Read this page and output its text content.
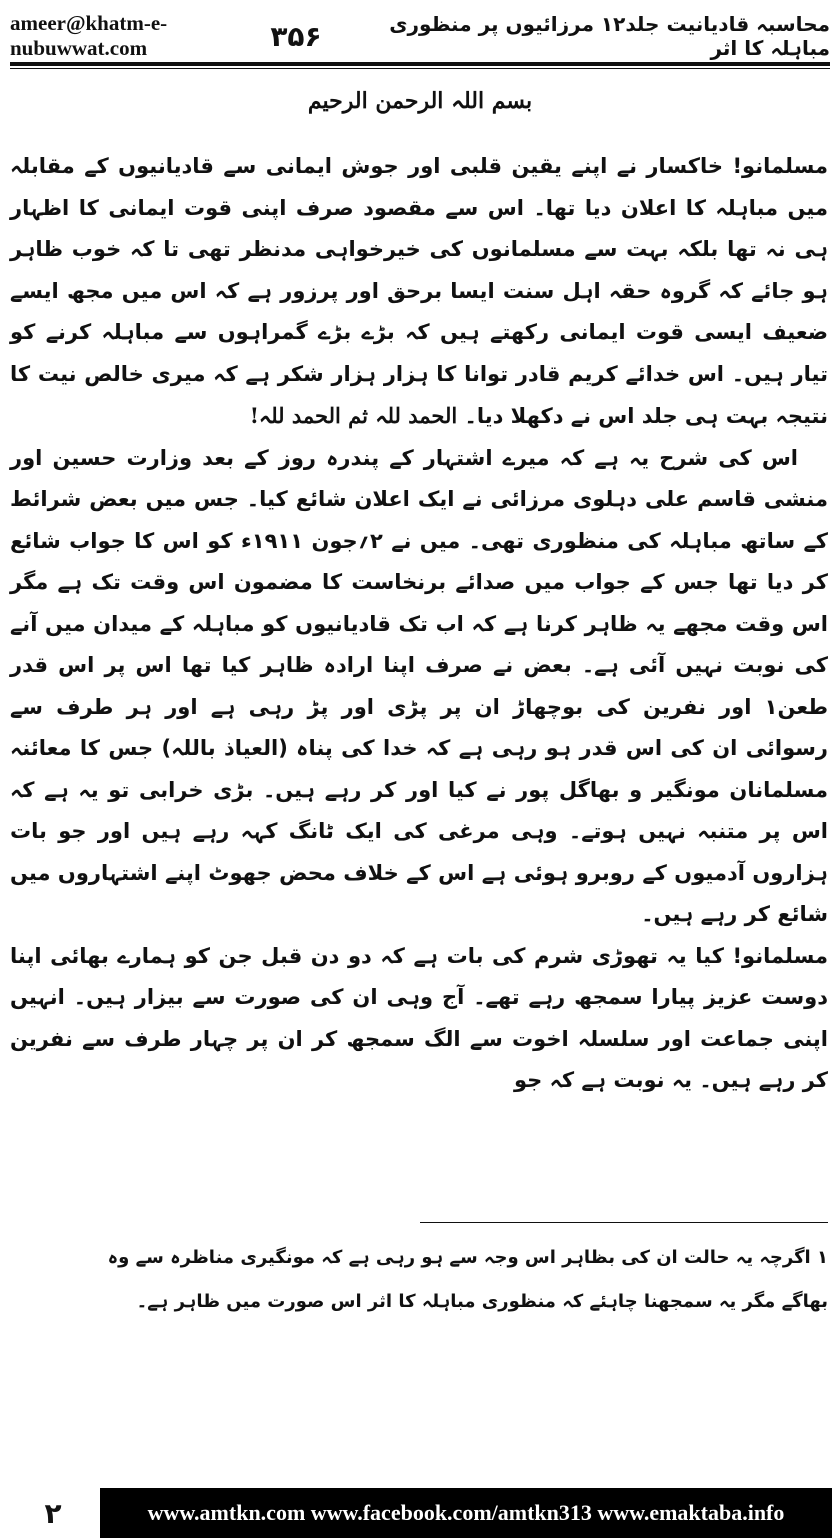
ameer@khatm-e-nubuwwat.com
محاسبہ قادیانیت جلد۱۲ مرزائیوں پر منظوری مباہلہ کا اثر
۳۵۶
بسم اللہ الرحمن الرحیم

مسلمانو! خاکسار نے اپنے یقین قلبی اور جوش ایمانی سے قادیانیوں کے مقابلہ میں مباہلہ کا اعلان دیا تھا۔ اس سے مقصود صرف اپنی قوت ایمانی کا اظہار ہی نہ تھا بلکہ بہت سے مسلمانوں کی خیرخواہی مدنظر تھی تا کہ خوب ظاہر ہو جائے کہ گروہ حقہ اہل سنت ایسا برحق اور پرزور ہے کہ اس میں مجھ ایسے ضعیف ایسی قوت ایمانی رکھتے ہیں کہ بڑے بڑے گمراہوں سے مباہلہ کرنے کو تیار ہیں۔ اس خدائے کریم قادر توانا کا ہزار ہزار شکر ہے کہ میری خالص نیت کا نتیجہ بہت ہی جلد اس نے دکھلا دیا۔ الحمد للہ ثم الحمد للہ!

اس کی شرح یہ ہے کہ میرے اشتہار کے پندرہ روز کے بعد وزارت حسین اور منشی قاسم علی دہلوی مرزائی نے ایک اعلان شائع کیا۔ جس میں بعض شرائط کے ساتھ مباہلہ کی منظوری تھی۔ میں نے ۲؍جون ۱۹۱۱ء کو اس کا جواب شائع کر دیا تھا جس کے جواب میں صدائے برنخاست کا مضمون اس وقت تک ہے مگر اس وقت مجھے یہ ظاہر کرنا ہے کہ اب تک قادیانیوں کو مباہلہ کے میدان میں آنے کی نوبت نہیں آئی ہے۔ بعض نے صرف اپنا ارادہ ظاہر کیا تھا اس پر اس قدر طعن۱ اور نفرین کی بوچھاڑ ان پر پڑی اور پڑ رہی ہے اور ہر طرف سے رسوائی ان کی اس قدر ہو رہی ہے کہ خدا کی پناہ (العیاذ باللہ) جس کا معائنہ مسلمانان مونگیر و بھاگل پور نے کیا اور کر رہے ہیں۔ بڑی خرابی تو یہ ہے کہ اس پر متنبہ نہیں ہوتے۔ وہی مرغی کی ایک ٹانگ کہہ رہے ہیں اور جو بات ہزاروں آدمیوں کے روبرو ہوئی ہے اس کے خلاف محض جھوٹ اپنے اشتہاروں میں شائع کر رہے ہیں۔

مسلمانو! کیا یہ تھوڑی شرم کی بات ہے کہ دو دن قبل جن کو ہمارے بھائی اپنا دوست عزیز پیارا سمجھ رہے تھے۔ آج وہی ان کی صورت سے بیزار ہیں۔ انہیں اپنی جماعت اور سلسلہ اخوت سے الگ سمجھ کر ان پر چہار طرف سے نفرین کر رہے ہیں۔ یہ نوبت ہے کہ جو

۱ اگرچہ یہ حالت ان کی بظاہر اس وجہ سے ہو رہی ہے کہ مونگیری مناظرہ سے وہ بھاگے مگر یہ سمجھنا چاہئے کہ منظوری مباہلہ کا اثر اس صورت میں ظاہر ہے۔
۲	www.amtkn.com www.facebook.com/amtkn313 www.emaktaba.info
